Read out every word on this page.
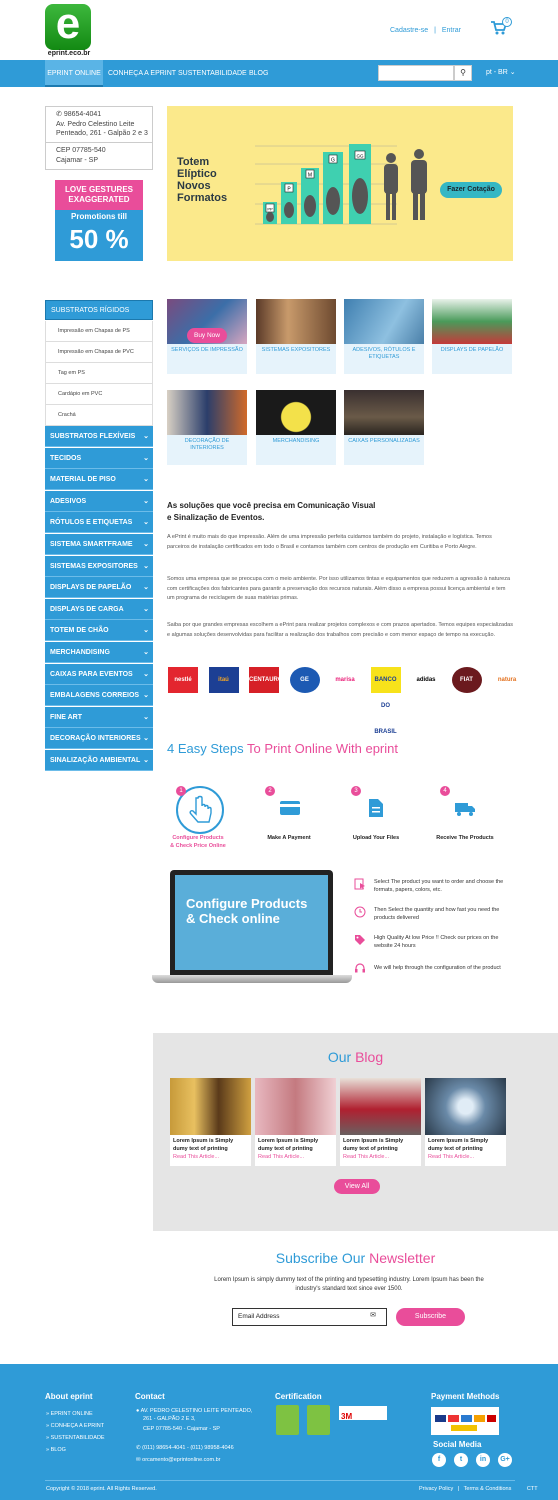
e
eprint.eco.br
Cadastre-se | Entrar
0
EPRINT ONLINE	CONHEÇA A EPRINT SUSTENTABILIDADE BLOG	⚲	pt - BR ⌄
✆ 98654-4041
Av. Pedro Celestino Leite
Penteado, 261 - Galpão 2 e 3
CEP 07785-540
Cajamar - SP
LOVE GESTURES
EXAGGERATED
Promotions till
50 %
PP
P
M
G
GG
Totem
Elíptico
Novos
Formatos
Fazer Cotação
SUBSTRATOS RÍGIDOS
Impressão em Chapas de PS
Impressão em Chapas de PVC
Tag em PS
Cardápio em PVC
Crachá
SUBSTRATOS FLEXÍVEIS ⌄
TECIDOS	⌄
MATERIAL DE PISO	⌄
ADESIVOS	⌄
RÓTULOS E ETIQUETAS ⌄
SISTEMA SMARTFRAME ⌄
SISTEMAS EXPOSITORES ⌄
DISPLAYS DE PAPELÃO ⌄
DISPLAYS DE CARGA	⌄
TOTEM DE CHÃO	⌄
MERCHANDISING	⌄
CAIXAS PARA EVENTOS ⌄
EMBALAGENS CORREIOS ⌄
FINE ART	⌄
DECORAÇÃO INTERIORES ⌄
SINALIZAÇÃO AMBIENTAL ⌄
SERVIÇOS DE IMPRESSÃO
Buy Now
SISTEMAS EXPOSITORES	ADESIVOS, RÓTULOS E ETIQUETAS
DISPLAYS DE PAPELÃO
DECORAÇÃO DE INTERIORES
MERCHANDISING	CAIXAS PERSONALIZADAS
As soluções que você precisa em Comunicação Visual
e Sinalização de Eventos.
A ePrint é muito mais do que impressão. Além de uma impressão perfeita cuidamos também do projeto, instalação e logística. Temos parceiros de instalação certificados em todo o Brasil e contamos também com centros de produção em Curitiba e Porto Alegre.
Somos uma empresa que se preocupa com o meio ambiente. Por isso utilizamos tintas e equipamentos que reduzem a agressão à natureza com certificações dos fabricantes para garantir a preservação dos recursos naturais. Além disso a empresa possui licença ambiental e tem um programa de reciclagem de suas matérias primas.
Saiba por que grandes empresas escolhem a ePrint para realizar projetos complexos e com prazos apertados. Temos equipes especializadas e algumas soluções desenvolvidas para facilitar a realização dos trabalhos com precisão e com menor espaço de tempo na execução.
nestlé	itaú	CENTAURO	GE	marisa	BANCO DO BRASIL
adidas	FIAT	natura
4 Easy Steps To Print Online With eprint
1	2	3	4
Configure Products
& Check Price Online
Make A Payment	Upload Your Files	Receive The Products
Configure Products
& Check online
Select The product you want to order and choose the formats, papers, colors, etc.
Then Select the quantity and how fast you need the products delivered
High Quality At low Price !! Check our prices on the website 24 hours
We will help through the configuration of the product
Our Blog
Lorem Ipsum is Simply dumy text of printing
Read This Article...
Lorem Ipsum is Simply dumy text of printing
Read This Article...
Lorem Ipsum is Simply dumy text of printing
Read This Article...
Lorem Ipsum is Simply dumy text of printing
Read This Article...
View All
Subscribe Our Newsletter
Lorem Ipsum is simply dummy text of the printing and typesetting industry. Lorem Ipsum has been the industry's standard text since ever 1500.
Email Address	✉	Subscribe
About eprint
» EPRINT ONLINE
» CONHEÇA A EPRINT
» SUSTENTABILIDADE
» BLOG
Contact
● AV. PEDRO CELESTINO LEITE PENTEADO,
261 - GALPÃO 2 E 3,
CEP 07785-540 - Cajamar - SP
✆ (011) 98654-4041 - (011) 98958-4046
✉ orcamento@eprintonline.com.br
Certification
3M
Payment Methods
Social Media
f	t	in	G+
Copyright © 2018 eprint. All Rights Reserved.	Privacy Policy | Terms & Conditions	CTT
